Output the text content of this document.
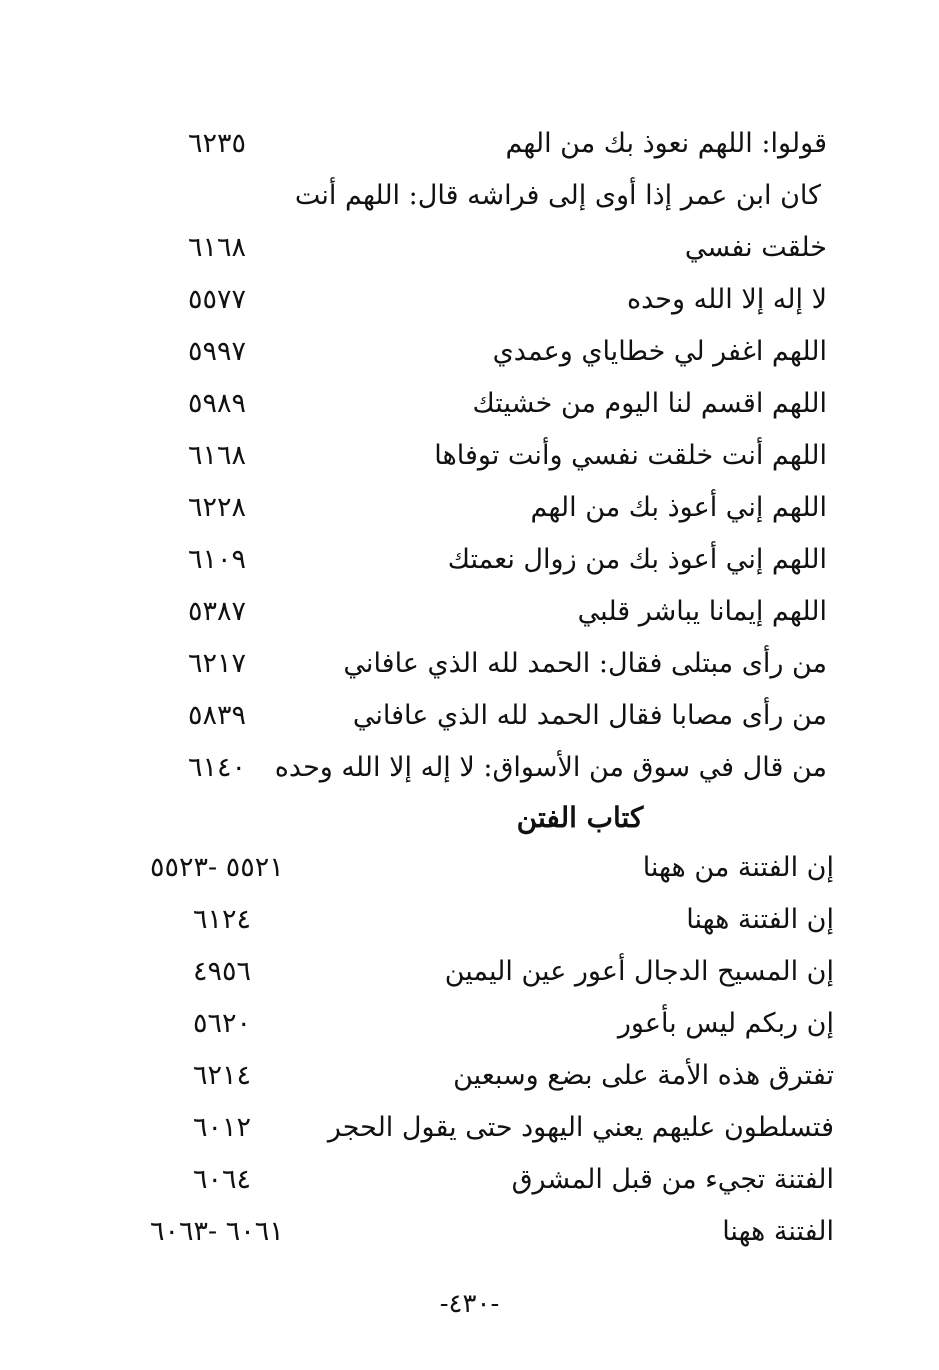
قولوا: اللهم نعوذ بك من الهم
٦٢٣٥
كان ابن عمر إذا أوى إلى فراشه قال: اللهم أنت
خلقت نفسي
٦١٦٨
لا إله إلا الله وحده
٥٥٧٧
اللهم اغفر لي خطاياي وعمدي
٥٩٩٧
اللهم اقسم لنا اليوم من خشيتك
٥٩٨٩
اللهم أنت خلقت نفسي وأنت توفاها
٦١٦٨
اللهم إني أعوذ بك من الهم
٦٢٢٨
اللهم إني أعوذ بك من زوال نعمتك
٦١٠٩
اللهم إيمانا يباشر قلبي
٥٣٨٧
من رأى مبتلى فقال: الحمد لله الذي عافاني
٦٢١٧
من رأى مصابا فقال الحمد لله الذي عافاني
٥٨٣٩
من قال في سوق من الأسواق: لا إله إلا الله وحده
٦١٤٠
كتاب الفتن
إن الفتنة من ههنا
٥٥٢١ -٥٥٢٣
إن الفتنة ههنا
٦١٢٤
إن المسيح الدجال أعور عين اليمين
٤٩٥٦
إن ربكم ليس بأعور
٥٦٢٠
تفترق هذه الأمة على بضع وسبعين
٦٢١٤
فتسلطون عليهم يعني اليهود حتى يقول الحجر
٦٠١٢
الفتنة تجيء من قبل المشرق
٦٠٦٤
الفتنة ههنا
٦٠٦١ -٦٠٦٣
-٤٣٠-
